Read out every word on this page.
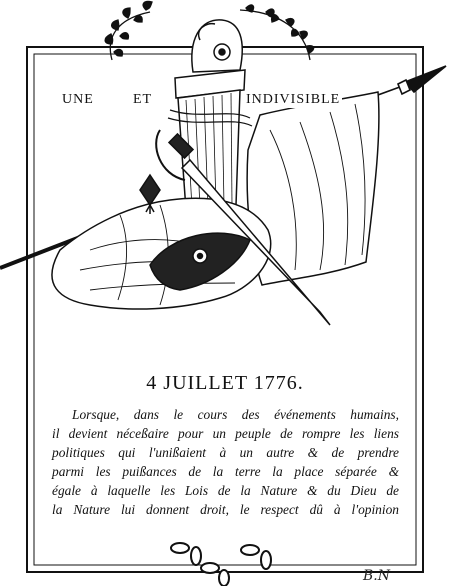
UNE	ET	INDIVISIBLE
4 JUILLET 1776.
Lorsque, dans le cours des événements humains,
il devient néceßaire pour un peuple de rompre les liens
politiques qui l'unißaient à un autre & de prendre
parmi les puißances de la terre la place séparée &
égale à laquelle les Lois de la Nature & du Dieu de
la Nature lui donnent droit, le respect dû à l'opinion
B.N
